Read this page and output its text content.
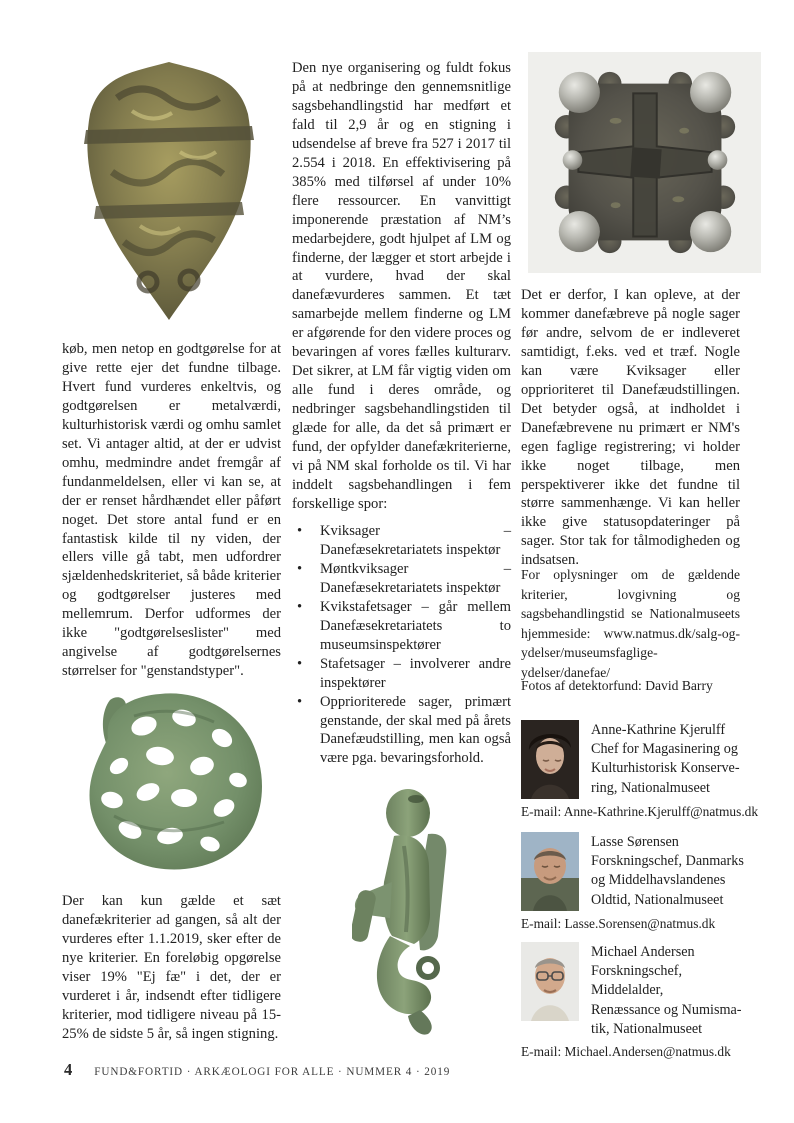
køb, men netop en godtgørelse for at give rette ejer det fundne tilbage. Hvert fund vurderes enkeltvis, og godtgørelsen er metalværdi, kulturhistorisk værdi og omhu samlet set. Vi antager altid, at der er udvist omhu, medmindre andet fremgår af fundanmeldelsen, eller vi kan se, at der er renset hårdhændet eller påført noget. Det store antal fund er en fantastisk kilde til ny viden, der ellers ville gå tabt, men udfordrer sjældenhedskriteriet, så både kriterier og godtgørelser justeres med mellemrum. Derfor udformes der ikke "godtgørelseslister" med angivelse af godtgørelsernes størrelser for "genstandstyper".

Der kan kun gælde et sæt danefækriterier ad gangen, så alt der vurderes efter 1.1.2019, sker efter de nye kriterier. En foreløbig opgørelse viser 19% "Ej fæ" i det, der er vurderet i år, indsendt efter tidligere kriterier, mod tidligere niveau på 15-25% de sidste 5 år, så ingen stigning.

Den nye organisering og fuldt fokus på at nedbringe den gennemsnitlige sagsbehandlingstid har medført et fald til 2,9 år og en stigning i udsendelse af breve fra 527 i 2017 til 2.554 i 2018. En effektivisering på 385% med tilførsel af under 10% flere ressourcer. En vanvittigt imponerende præstation af NM’s medarbejdere, godt hjulpet af LM og finderne, der lægger et stort arbejde i at vurdere, hvad der skal danefævurderes sammen. Et tæt samarbejde mellem finderne og LM er afgørende for den videre proces og bevaringen af vores fælles kulturarv. Det sikrer, at LM får vigtig viden om alle fund i deres område, og nedbringer sagsbehandlingstiden til glæde for alle, da det så primært er fund, der opfylder danefækriterierne, vi på NM skal forholde os til. Vi har inddelt sagsbehandlingen i fem forskellige spor:

• Kviksager – Danefæsekretariatets inspektør
• Møntkviksager – Danefæsekretariatets inspektør
• Kvikstafetsager – går mellem Danefæsekretariatets to museumsinspektører
• Stafetsager – involverer andre inspektører
• Opprioriterede sager, primært genstande, der skal med på årets Danefæudstilling, men kan også være pga. bevaringsforhold.

Det er derfor, I kan opleve, at der kommer danefæbreve på nogle sager før andre, selvom de er indleveret samtidigt, f.eks. ved et træf. Nogle kan være Kviksager eller opprioriteret til Danefæudstillingen. Det betyder også, at indholdet i Danefæbrevene nu primært er NM's egen faglige registrering; vi holder ikke noget tilbage, men perspektiverer ikke det fundne til større sammenhænge. Vi kan heller ikke give statusopdateringer på sager. Stor tak for tålmodigheden og indsatsen.

For oplysninger om de gældende kriterier, lovgivning og sagsbehandlingstid se Nationalmuseets hjemmeside: www.natmus.dk/salg-og-ydelser/museumsfaglige-ydelser/danefae/

Fotos af detektorfund: David Barry

Anne-Kathrine Kjerulff
Chef for Magasinering og
Kulturhistorisk Konserve-
ring, Nationalmuseet
E-mail: Anne-Kathrine.Kjerulff@natmus.dk
Lasse Sørensen
Forskningschef, Danmarks
og Middelhavslandenes
Oldtid, Nationalmuseet
E-mail: Lasse.Sorensen@natmus.dk
Michael Andersen
Forskningschef, Middelalder,
Renæssance og Numisma-
tik, Nationalmuseet
E-mail: Michael.Andersen@natmus.dk
4 FUND&FORTID · ARKÆOLOGI FOR ALLE · NUMMER 4 · 2019
